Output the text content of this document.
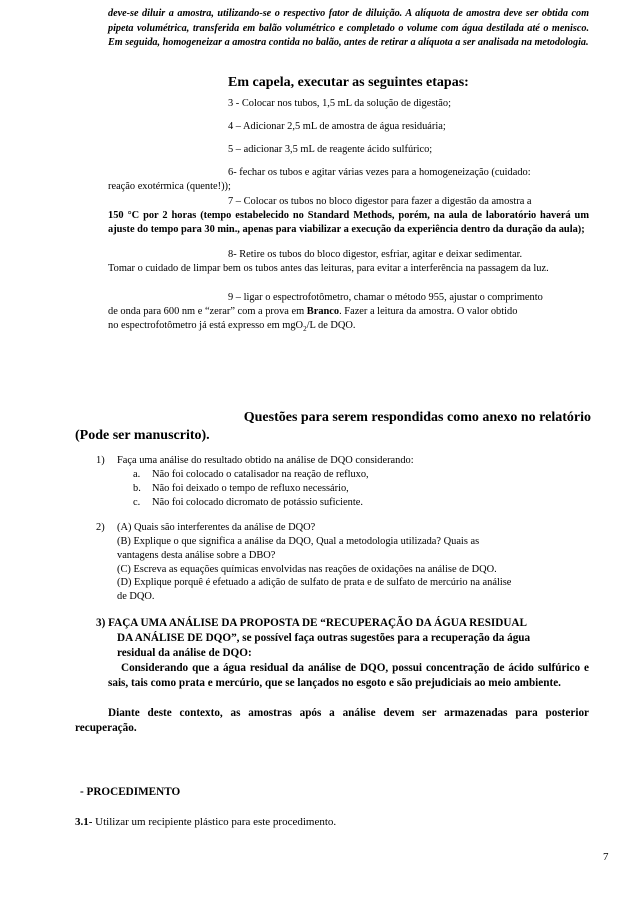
deve-se diluir a amostra, utilizando-se o respectivo fator de diluição. A alíquota de amostra deve ser obtida com pipeta volumétrica, transferida em balão volumétrico e completado o volume com água destilada até o menisco. Em seguida, homogeneizar a amostra contida no balão, antes de retirar a alíquota a ser analisada na metodologia.

Em capela, executar as seguintes etapas:

3 - Colocar nos tubos, 1,5 mL da solução de digestão;

4 – Adicionar 2,5 mL de amostra de água residuária;

5 – adicionar 3,5 mL de reagente ácido sulfúrico;

6- fechar os tubos e agitar várias vezes para a homogeneização (cuidado:

reação exotérmica (quente!));

7 – Colocar os tubos no bloco digestor para fazer a digestão da amostra a

150 °C por 2 horas (tempo estabelecido no Standard Methods, porém, na aula de laboratório haverá um ajuste do tempo para 30 min., apenas para viabilizar a execução da experiência dentro da duração da aula);

8- Retire os tubos do bloco digestor, esfriar, agitar e deixar sedimentar.

Tomar o cuidado de limpar bem os tubos antes das leituras, para evitar a interferência na passagem da luz.

9 – ligar o espectrofotômetro, chamar o método 955, ajustar o comprimento

de onda para 600 nm e “zerar” com a prova em Branco. Fazer a leitura da amostra. O valor obtido

no espectrofotômetro já está expresso em mgO$_2$/L de DQO.

Questões para serem respondidas como anexo no relatório
(Pode ser manuscrito).

1) Faça uma análise do resultado obtido na análise de DQO considerando:

a. Não foi colocado o catalisador na reação de refluxo,

b. Não foi deixado o tempo de refluxo necessário,

c. Não foi colocado dicromato de potássio suficiente.

2) (A) Quais são interferentes da análise de DQO?

(B) Explique o que significa a análise da DQO, Qual a metodologia utilizada? Quais as

vantagens desta análise sobre a DBO?

(C) Escreva as equações químicas envolvidas nas reações de oxidações na análise de DQO.

(D) Explique porquê é efetuado a adição de sulfato de prata e de sulfato de mercúrio na análise

de DQO.

3) FAÇA UMA ANÁLISE DA PROPOSTA DE “RECUPERAÇÃO DA ÁGUA RESIDUAL

DA ANÁLISE DE DQO”, se possível faça outras sugestões para a recuperação da água

residual da análise de DQO:

Considerando que a água residual da análise de DQO, possui concentração de ácido sulfúrico e sais, tais como prata e mercúrio, que se lançados no esgoto e são prejudiciais ao meio ambiente.

Diante deste contexto, as amostras após a análise devem ser armazenadas para posterior recuperação.

- PROCEDIMENTO

3.1- Utilizar um recipiente plástico para este procedimento.

7
